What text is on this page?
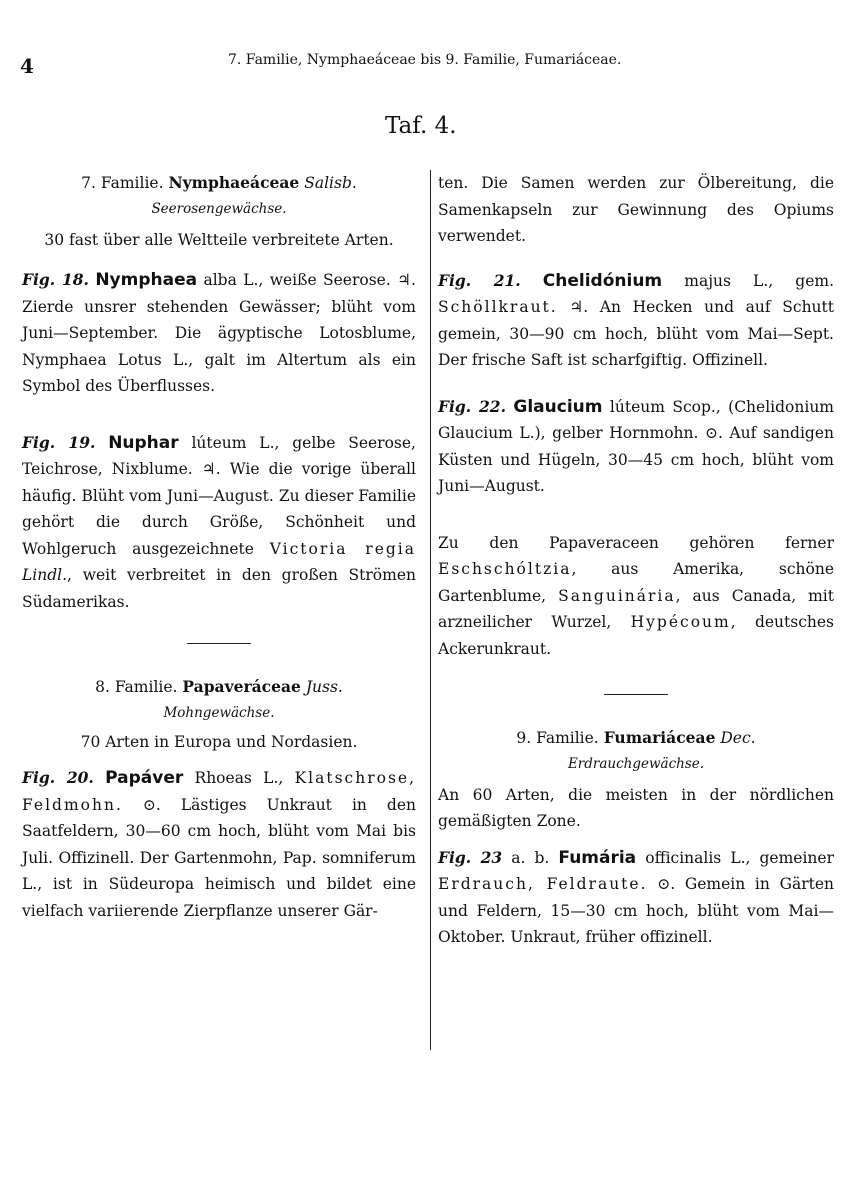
4	7. Familie, Nymphaeáceae bis 9. Familie, Fumariáceae.
Taf. 4.

7. Familie. Nymphaeáceae Salisb.

Seerosengewächse.

30 fast über alle Weltteile verbreitete Arten.

Fig. 18. Nymphaea alba L., weiße Seerose. ♃. Zierde unsrer stehenden Gewässer; blüht vom Juni—September. Die ägyptische Lotosblume, Nymphaea Lotus L., galt im Altertum als ein Symbol des Überflusses.

Fig. 19. Nuphar lúteum L., gelbe Seerose, Teichrose, Nixblume. ♃. Wie die vorige überall häufig. Blüht vom Juni—August. Zu dieser Familie gehört die durch Größe, Schönheit und Wohlgeruch ausgezeichnete Victoria regia Lindl., weit verbreitet in den großen Strömen Südamerikas.

8. Familie. Papaveráceae Juss.

Mohngewächse.

70 Arten in Europa und Nordasien.

Fig. 20. Papáver Rhoeas L., Klatschrose, Feldmohn. ⊙. Lästiges Unkraut in den Saatfeldern, 30—60 cm hoch, blüht vom Mai bis Juli. Offizinell. Der Gartenmohn, Pap. somniferum L., ist in Südeuropa heimisch und bildet eine vielfach variierende Zierpflanze unserer Gär-

ten. Die Samen werden zur Ölbereitung, die Samenkapseln zur Gewinnung des Opiums verwendet.

Fig. 21. Chelidónium majus L., gem. Schöllkraut. ♃. An Hecken und auf Schutt gemein, 30—90 cm hoch, blüht vom Mai—Sept. Der frische Saft ist scharfgiftig. Offizinell.

Fig. 22. Glaucium lúteum Scop., (Chelidonium Glaucium L.), gelber Hornmohn. ⊙. Auf sandigen Küsten und Hügeln, 30—45 cm hoch, blüht vom Juni—August.

Zu den Papaveraceen gehören ferner Eschschóltzia, aus Amerika, schöne Gartenblume, Sanguinária, aus Canada, mit arzneilicher Wurzel, Hypécoum, deutsches Ackerunkraut.

9. Familie. Fumariáceae Dec.

Erdrauchgewächse.

An 60 Arten, die meisten in der nördlichen gemäßigten Zone.

Fig. 23 a. b. Fumária officinalis L., gemeiner Erdrauch, Feldraute. ⊙. Gemein in Gärten und Feldern, 15—30 cm hoch, blüht vom Mai—Oktober. Unkraut, früher offizinell.
